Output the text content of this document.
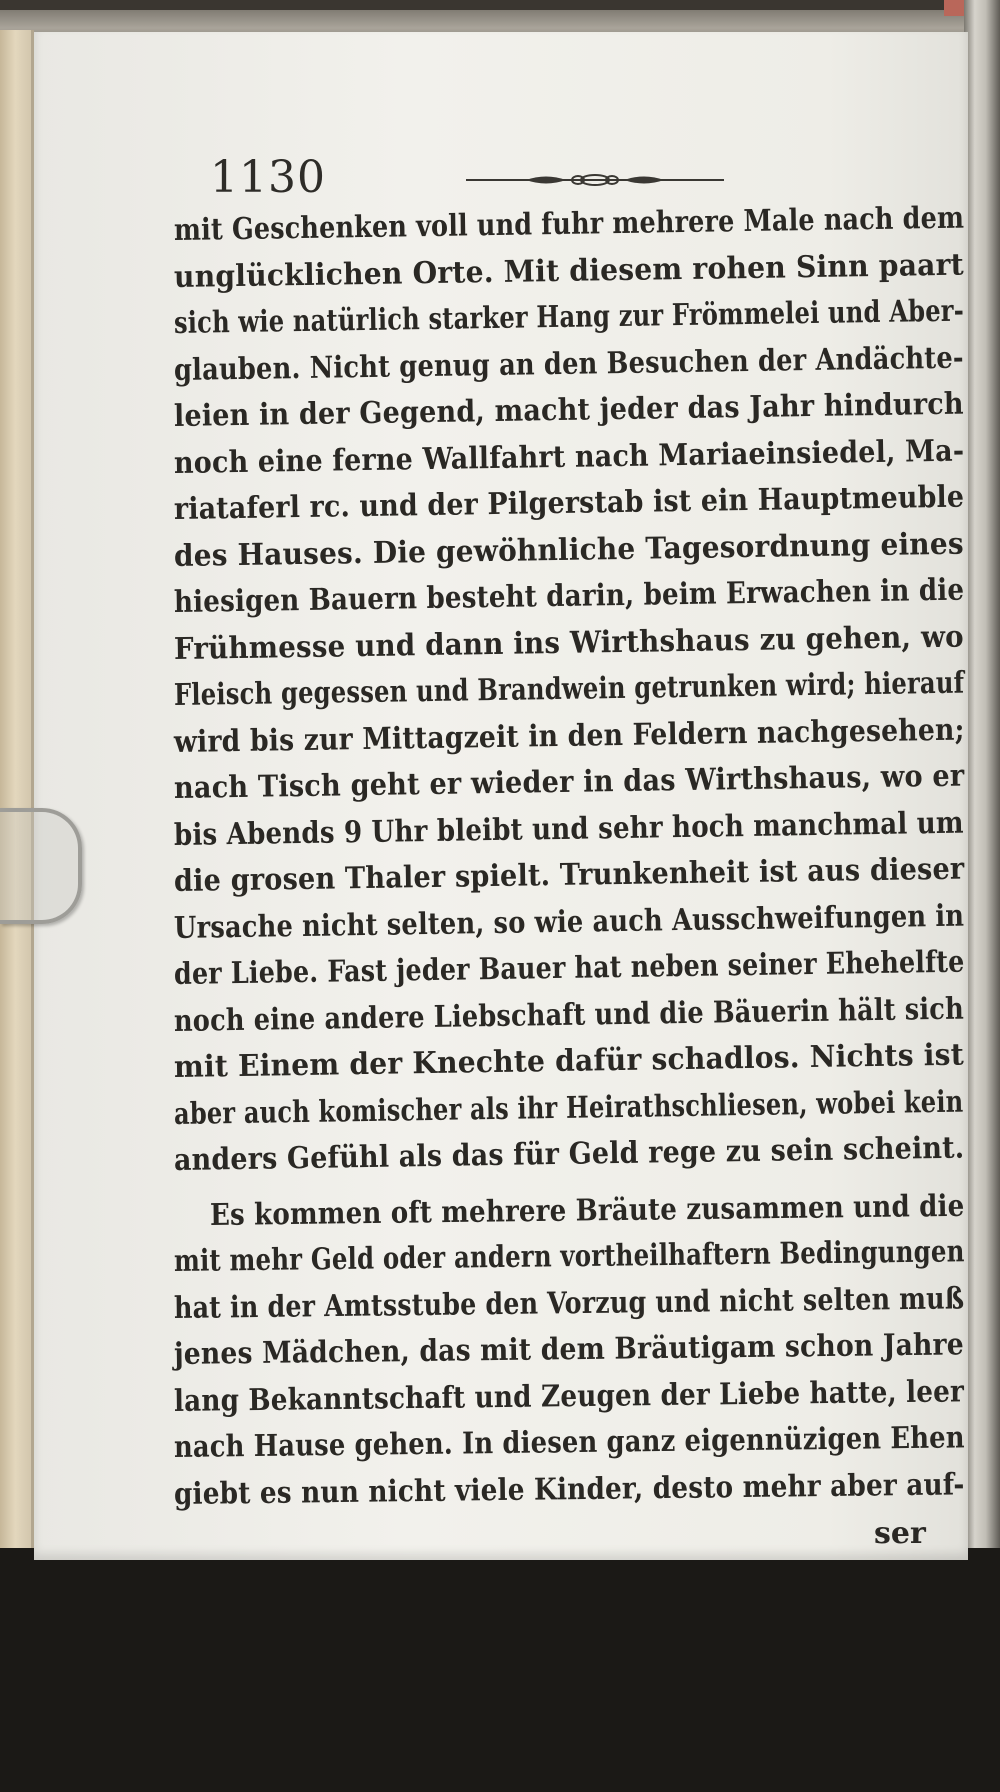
1130
mit Geschenken voll und fuhr mehrere Male nach dem
unglücklichen Orte. Mit diesem rohen Sinn paart
sich wie natürlich starker Hang zur Frömmelei und Aber-
glauben. Nicht genug an den Besuchen der Andächte-
leien in der Gegend, macht jeder das Jahr hindurch
noch eine ferne Wallfahrt nach Mariaeinsiedel, Ma-
riataferl rc. und der Pilgerstab ist ein Hauptmeuble
des Hauses. Die gewöhnliche Tagesordnung eines
hiesigen Bauern besteht darin, beim Erwachen in die
Frühmesse und dann ins Wirthshaus zu gehen, wo
Fleisch gegessen und Brandwein getrunken wird; hierauf
wird bis zur Mittagzeit in den Feldern nachgesehen;
nach Tisch geht er wieder in das Wirthshaus, wo er
bis Abends 9 Uhr bleibt und sehr hoch manchmal um
die grosen Thaler spielt. Trunkenheit ist aus dieser
Ursache nicht selten, so wie auch Ausschweifungen in
der Liebe. Fast jeder Bauer hat neben seiner Ehehelfte
noch eine andere Liebschaft und die Bäuerin hält sich
mit Einem der Knechte dafür schadlos. Nichts ist
aber auch komischer als ihr Heirathschliesen, wobei kein
anders Gefühl als das für Geld rege zu sein scheint.
Es kommen oft mehrere Bräute zusammen und die
mit mehr Geld oder andern vortheilhaftern Bedingungen
hat in der Amtsstube den Vorzug und nicht selten muß
jenes Mädchen, das mit dem Bräutigam schon Jahre
lang Bekanntschaft und Zeugen der Liebe hatte, leer
nach Hause gehen. In diesen ganz eigennüzigen Ehen
giebt es nun nicht viele Kinder, desto mehr aber auf-
ser
